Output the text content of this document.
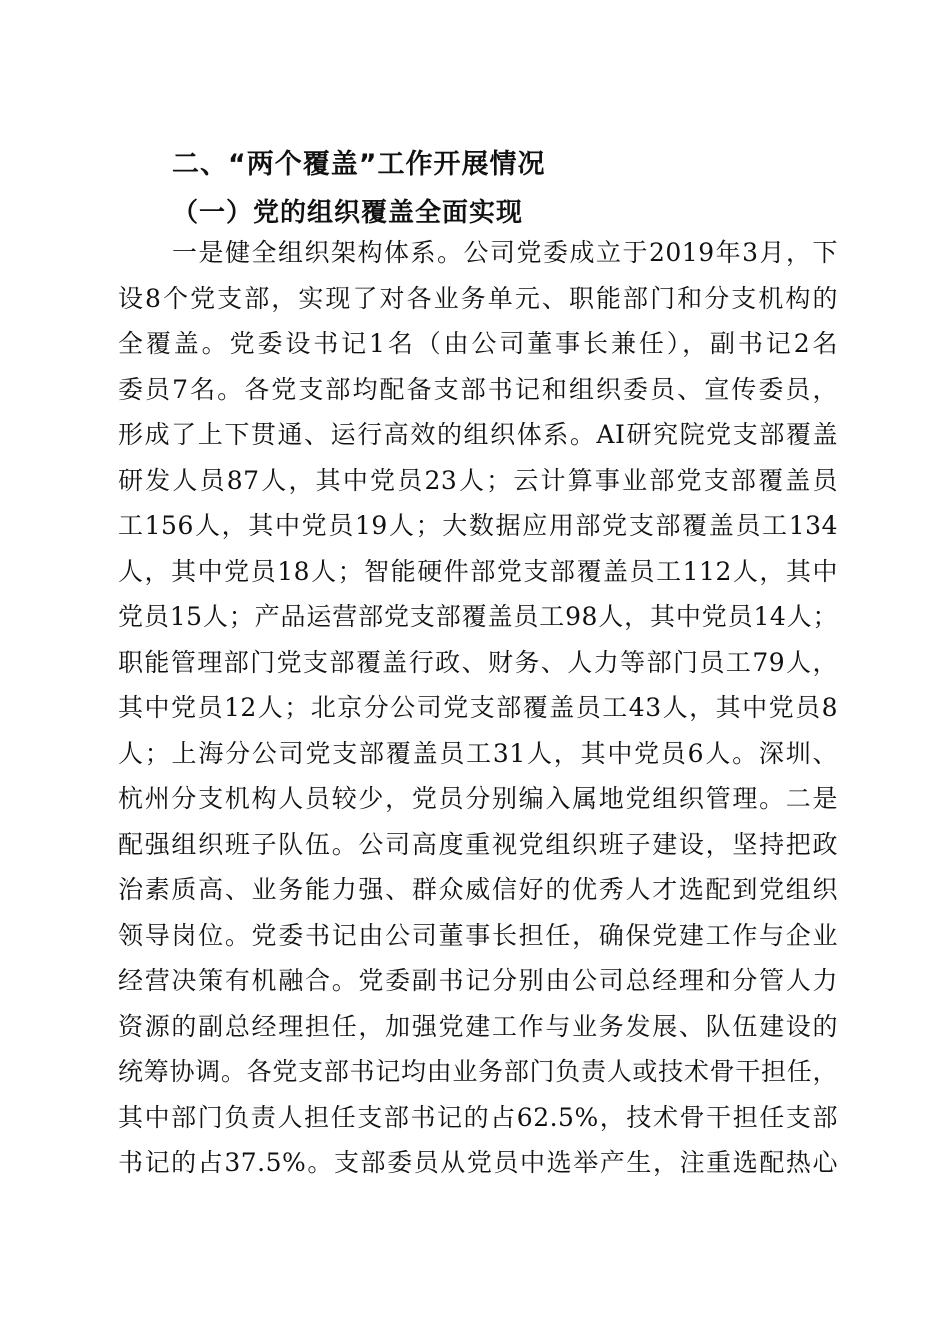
二、“两个覆盖”工作开展情况
（一）党的组织覆盖全面实现
一是健全组织架构体系。公司党委成立于2019年3月，下
设8个党支部，实现了对各业务单元、职能部门和分支机构的
全覆盖。党委设书记1名（由公司董事长兼任），副书记2名
委员7名。各党支部均配备支部书记和组织委员、宣传委员，
形成了上下贯通、运行高效的组织体系。AI研究院党支部覆盖
研发人员87人，其中党员23人；云计算事业部党支部覆盖员
工156人，其中党员19人；大数据应用部党支部覆盖员工134
人，其中党员18人；智能硬件部党支部覆盖员工112人，其中
党员15人；产品运营部党支部覆盖员工98人，其中党员14人；
职能管理部门党支部覆盖行政、财务、人力等部门员工79人，
其中党员12人；北京分公司党支部覆盖员工43人，其中党员8
人；上海分公司党支部覆盖员工31人，其中党员6人。深圳、
杭州分支机构人员较少，党员分别编入属地党组织管理。二是
配强组织班子队伍。公司高度重视党组织班子建设，坚持把政
治素质高、业务能力强、群众威信好的优秀人才选配到党组织
领导岗位。党委书记由公司董事长担任，确保党建工作与企业
经营决策有机融合。党委副书记分别由公司总经理和分管人力
资源的副总经理担任，加强党建工作与业务发展、队伍建设的
统筹协调。各党支部书记均由业务部门负责人或技术骨干担任，
其中部门负责人担任支部书记的占62.5%，技术骨干担任支部
书记的占37.5%。支部委员从党员中选举产生，注重选配热心
